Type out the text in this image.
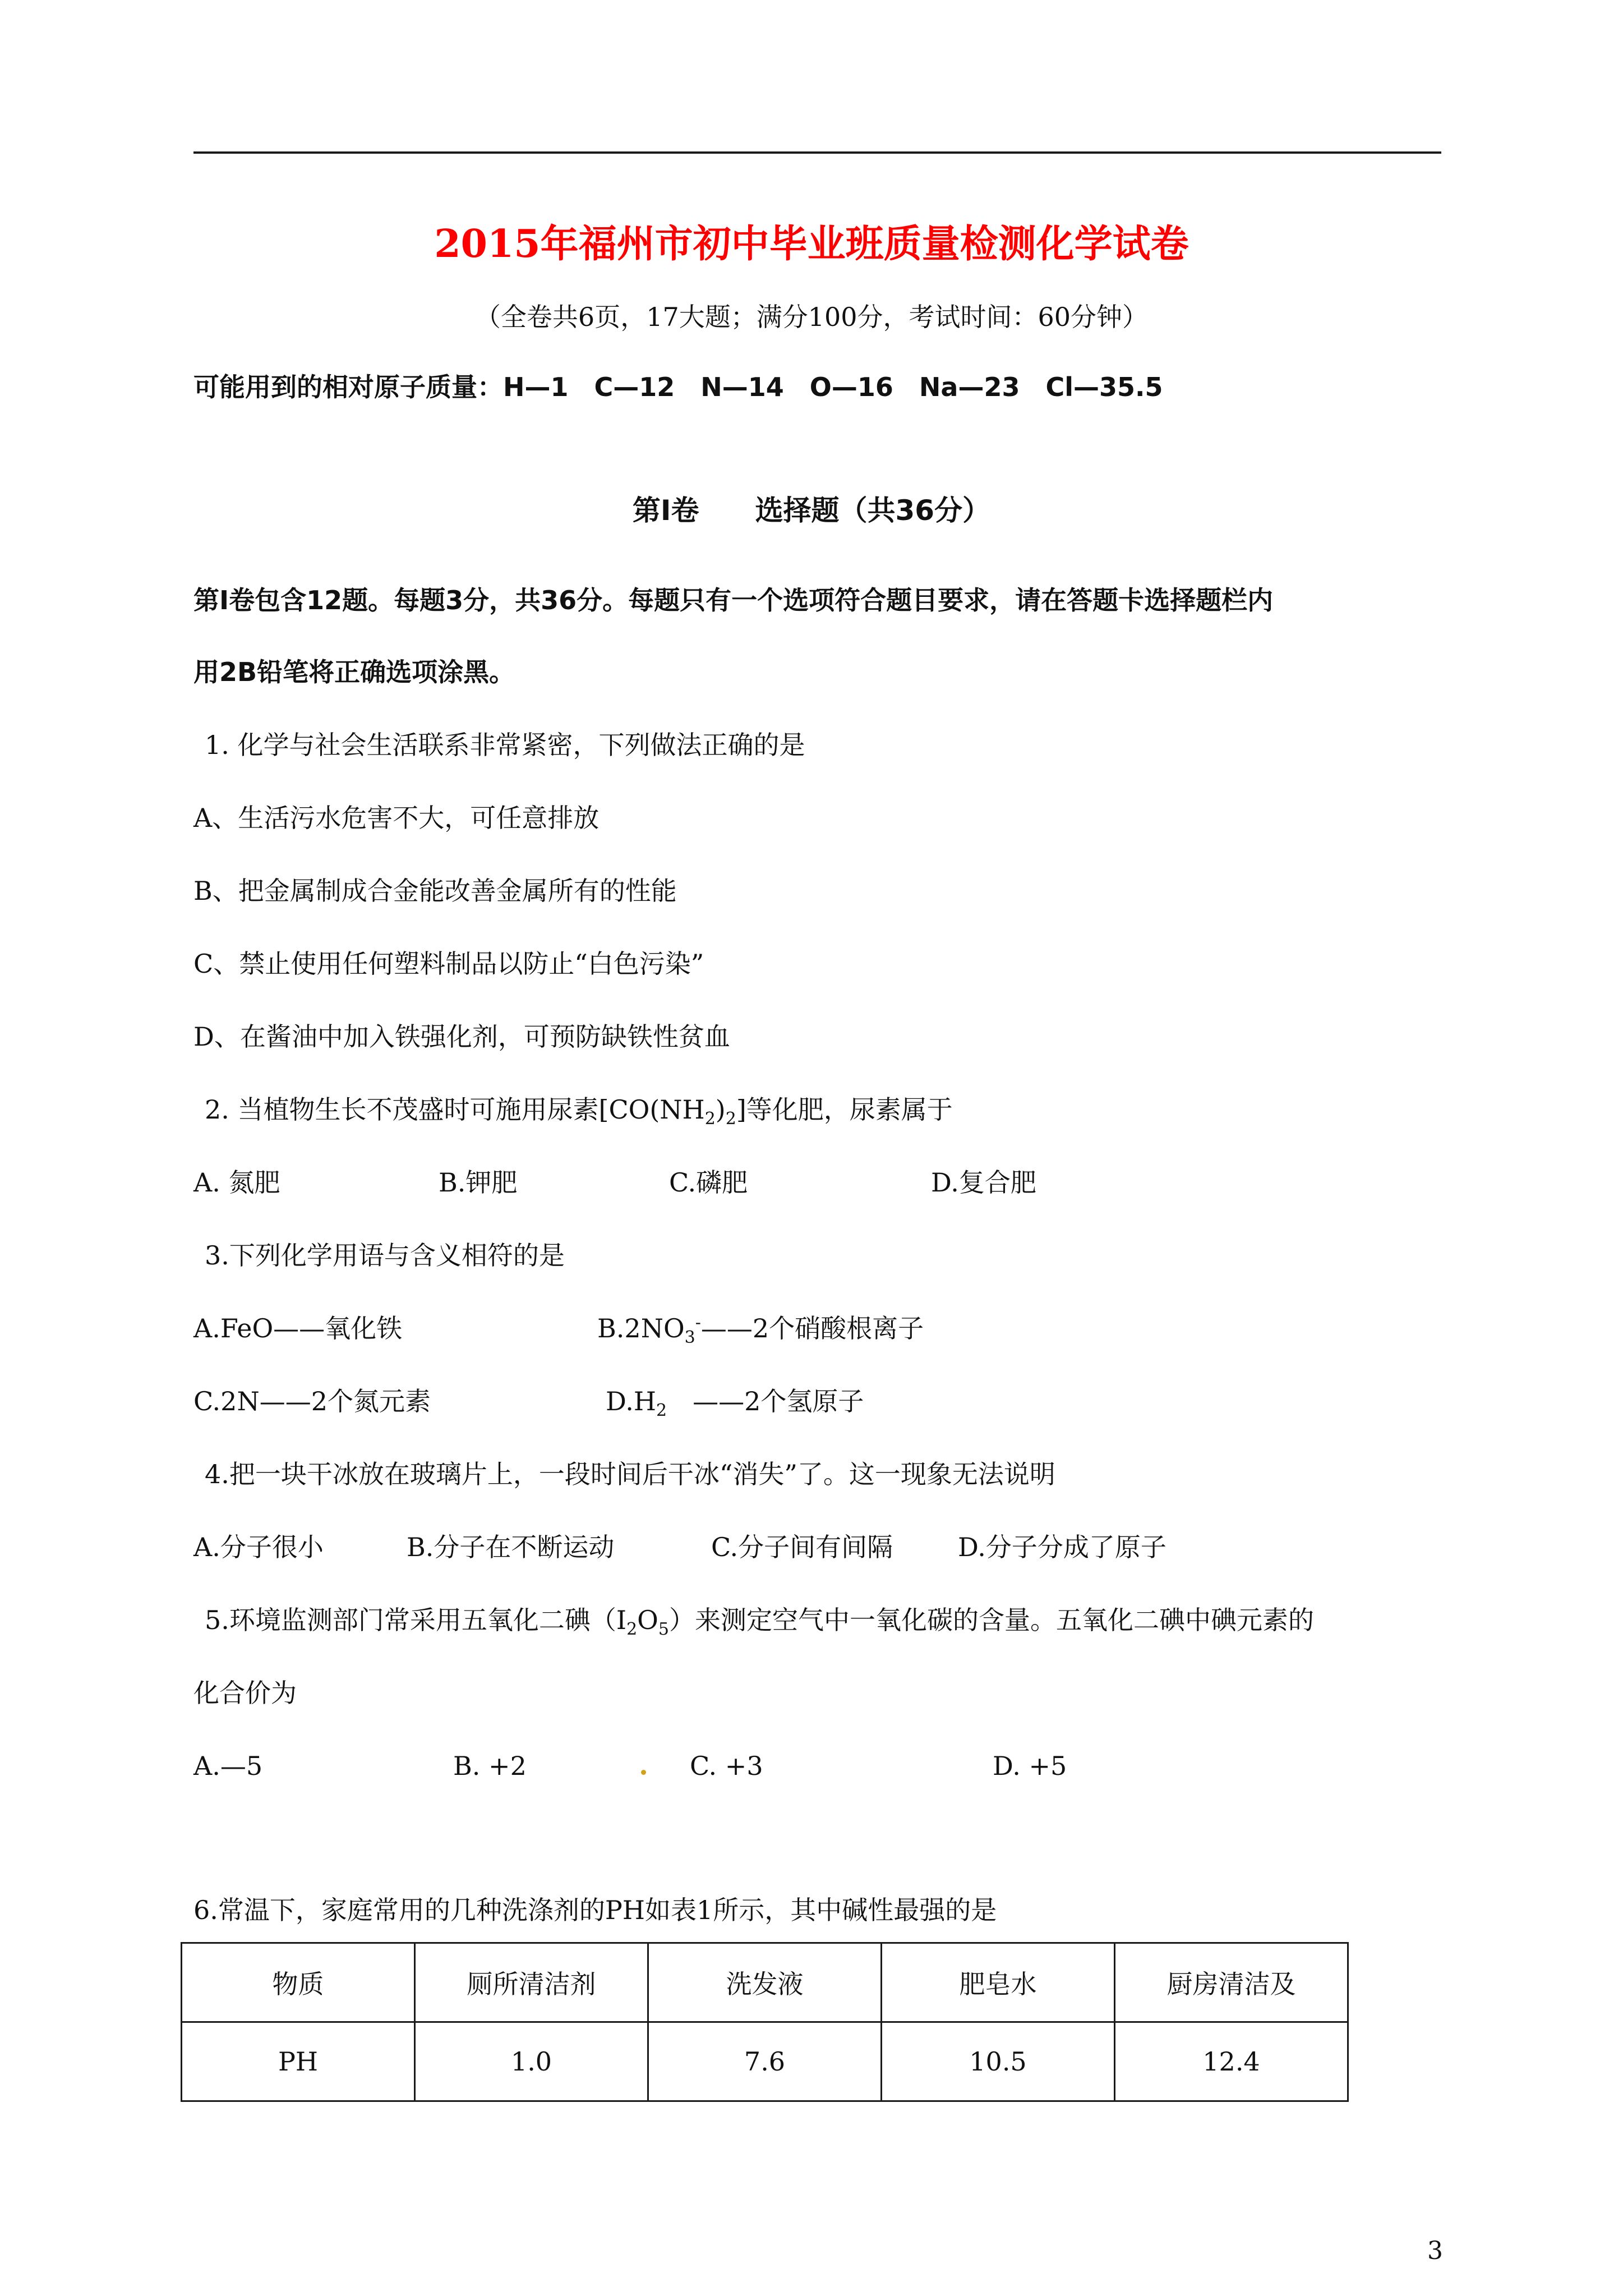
2015年福州市初中毕业班质量检测化学试卷
（全卷共6页，17大题；满分100分，考试时间：60分钟）
可能用到的相对原子质量：H—1　C—12　N—14　O—16　Na—23　Cl—35.5
第Ⅰ卷　　选择题（共36分）
第Ⅰ卷包含12题。每题3分，共36分。每题只有一个选项符合题目要求，请在答题卡选择题栏内
用2B铅笔将正确选项涂黑。
1. 化学与社会生活联系非常紧密，下列做法正确的是
A、生活污水危害不大，可任意排放
B、把金属制成合金能改善金属所有的性能
C、禁止使用任何塑料制品以防止“白色污染”
D、在酱油中加入铁强化剂，可预防缺铁性贫血
2. 当植物生长不茂盛时可施用尿素$[CO(NH_2)_2]$等化肥，尿素属于
A. 氮肥	B.钾肥	C.磷肥	D.复合肥
3.下列化学用语与含义相符的是
A.FeO——氧化铁	$B.2NO_3^-——2$个硝酸根离子
C.2N——2个氮元素	$D.H_2$　——2个氢原子
4.把一块干冰放在玻璃片上，一段时间后干冰“消失”了。这一现象无法说明
A.分子很小	B.分子在不断运动	C.分子间有间隔	D.分子分成了原子
5.环境监测部门常采用五氧化二碘$(I_2O_5)$来测定空气中一氧化碳的含量。五氧化二碘中碘元素的
化合价为
A.—5	B. +2	C. +3	D. +5
6.常温下，家庭常用的几种洗涤剂的PH如表1所示，其中碱性最强的是
物质	厕所清洁剂	洗发液	肥皂水	厨房清洁及
PH	1.0	7.6	10.5	12.4
3
